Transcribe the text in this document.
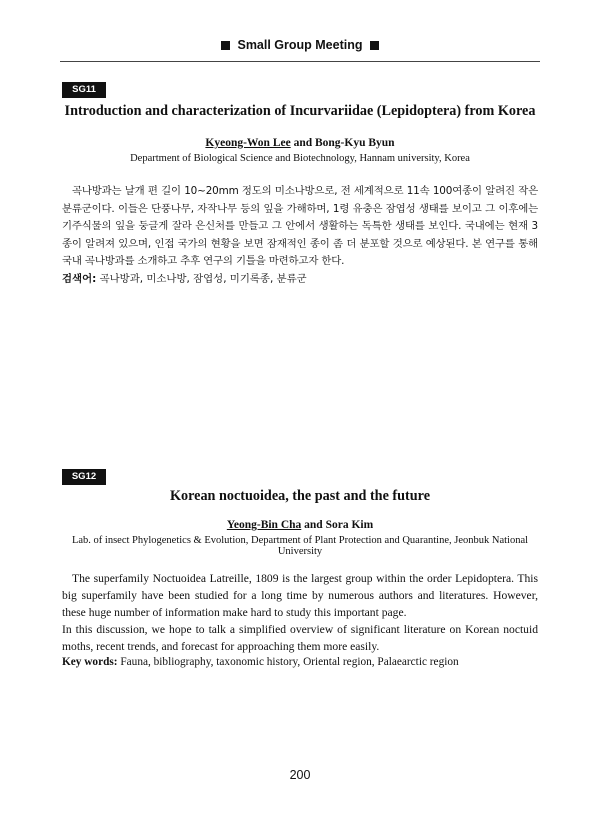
Small Group Meeting
SG11
Introduction and characterization of Incurvariidae (Lepidoptera) from Korea
Kyeong-Won Lee and Bong-Kyu Byun
Department of Biological Science and Biotechnology, Hannam university, Korea
곡나방과는 날개 편 길이 10~20mm 정도의 미소나방으로, 전 세계적으로 11속 100여종이 알려진 작은 분류군이다. 이들은 단풍나무, 자작나무 등의 잎을 가해하며, 1령 유충은 잠엽성 생태를 보이고 그 이후에는 기주식물의 잎을 둥글게 잘라 은신처를 만들고 그 안에서 생활하는 독특한 생태를 보인다. 국내에는 현재 3종이 알려져 있으며, 인접 국가의 현황을 보면 잠재적인 종이 좀 더 분포할 것으로 예상된다. 본 연구를 통해 국내 곡나방과를 소개하고 추후 연구의 기틀을 마련하고자 한다.
검색어: 곡나방과, 미소나방, 잠엽성, 미기록종, 분류군
SG12
Korean noctuoidea, the past and the future
Yeong-Bin Cha and Sora Kim
Lab. of insect Phylogenetics & Evolution, Department of Plant Protection and Quarantine, Jeonbuk National University

The superfamily Noctuoidea Latreille, 1809 is the largest group within the order Lepidoptera. This big superfamily have been studied for a long time by numerous authors and literatures. However, these huge number of information make hard to study this important page.

In this discussion, we hope to talk a simplified overview of significant literature on Korean noctuid moths, recent trends, and forecast for approaching them more easily.

Key words: Fauna, bibliography, taxonomic history, Oriental region, Palaearctic region
200
